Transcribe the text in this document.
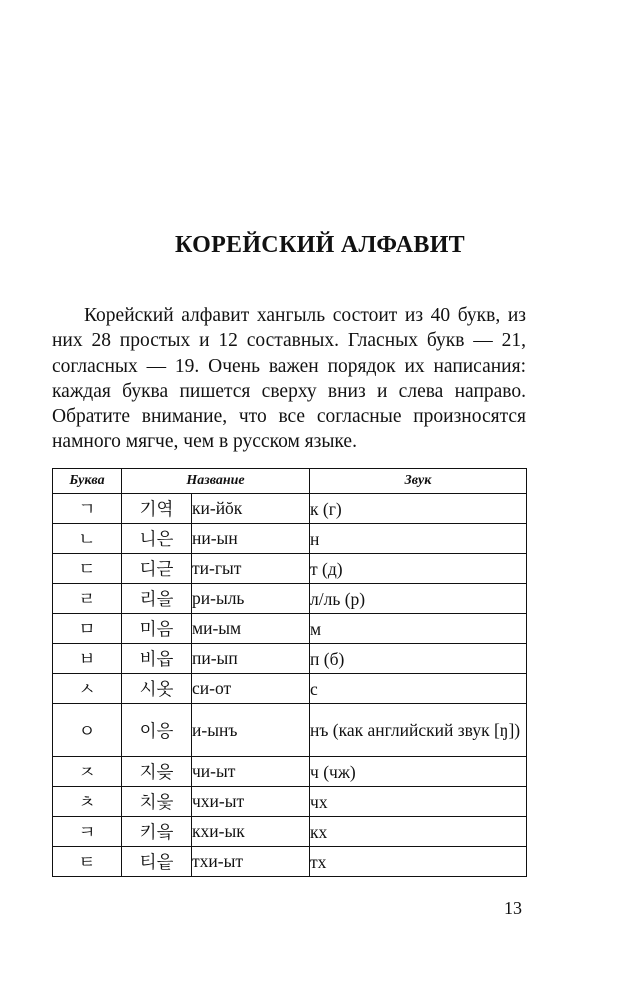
КОРЕЙСКИЙ АЛФАВИТ

Корейский алфавит хангыль состоит из 40 букв, из них 28 простых и 12 составных. Гласных букв — 21, согласных — 19. Очень важен порядок их написания: каждая буква пишется сверху вниз и слева направо. Обратите внимание, что все согласные произносятся намного мягче, чем в русском языке.

Буква	Название		Звук
ㄱ	기역	ки-йŏк	к (г)
ㄴ	니은	ни-ын	н
ㄷ	디귿	ти-гыт	т (д)
ㄹ	리을	ри-ыль	л/ль (р)
ㅁ	미음	ми-ым	м
ㅂ	비읍	пи-ып	п (б)
ㅅ	시옷	си-от	с
ㅇ	이응	и-ынъ	нъ (как английский звук [ŋ])
ㅈ	지읒	чи-ыт	ч (чж)
ㅊ	치읓	чхи-ыт	чх
ㅋ	키읔	кхи-ык	кх
ㅌ	티읕	тхи-ыт	тх
13
